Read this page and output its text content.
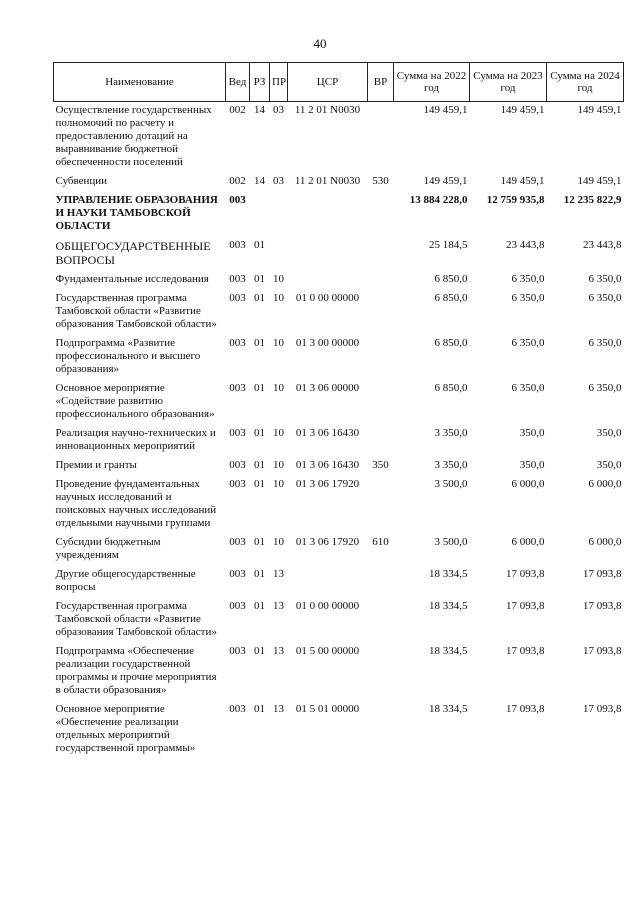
40
Наименование	Вед	РЗ	ПР	ЦСР	ВР	Сумма на 2022 год	Сумма на 2023 год	Сумма на 2024 год
Осуществление государственных полномочий по расчету и предоставлению дотаций на выравнивание бюджетной обеспеченности поселений	002	14	03	11 2 01 N0030		149 459,1	149 459,1	149 459,1
Субвенции	002	14	03	11 2 01 N0030	530	149 459,1	149 459,1	149 459,1
УПРАВЛЕНИЕ ОБРАЗОВАНИЯ И НАУКИ ТАМБОВСКОЙ ОБЛАСТИ	003					13 884 228,0	12 759 935,8	12 235 822,9
ОБЩЕГОСУДАРСТВЕННЫЕ ВОПРОСЫ	003	01				25 184,5	23 443,8	23 443,8
Фундаментальные исследования	003	01	10			6 850,0	6 350,0	6 350,0
Государственная программа Тамбовской области «Развитие образования Тамбовской области»	003	01	10	01 0 00 00000		6 850,0	6 350,0	6 350,0
Подпрограмма «Развитие профессионального и высшего образования»	003	01	10	01 3 00 00000		6 850,0	6 350,0	6 350,0
Основное мероприятие «Содействие развитию профессионального образования»	003	01	10	01 3 06 00000		6 850,0	6 350,0	6 350,0
Реализация научно-технических и инновационных мероприятий	003	01	10	01 3 06 16430		3 350,0	350,0	350,0
Премии и гранты	003	01	10	01 3 06 16430	350	3 350,0	350,0	350,0
Проведение фундаментальных научных исследований и поисковых научных исследований отдельными научными группами	003	01	10	01 3 06 17920		3 500,0	6 000,0	6 000,0
Субсидии бюджетным учреждениям	003	01	10	01 3 06 17920	610	3 500,0	6 000,0	6 000,0
Другие общегосударственные вопросы	003	01	13			18 334,5	17 093,8	17 093,8
Государственная программа Тамбовской области «Развитие образования Тамбовской области»	003	01	13	01 0 00 00000		18 334,5	17 093,8	17 093,8
Подпрограмма «Обеспечение реализации государственной программы и прочие мероприятия в области образования»	003	01	13	01 5 00 00000		18 334,5	17 093,8	17 093,8
Основное мероприятие «Обеспечение реализации отдельных мероприятий государственной программы»	003	01	13	01 5 01 00000		18 334,5	17 093,8	17 093,8
